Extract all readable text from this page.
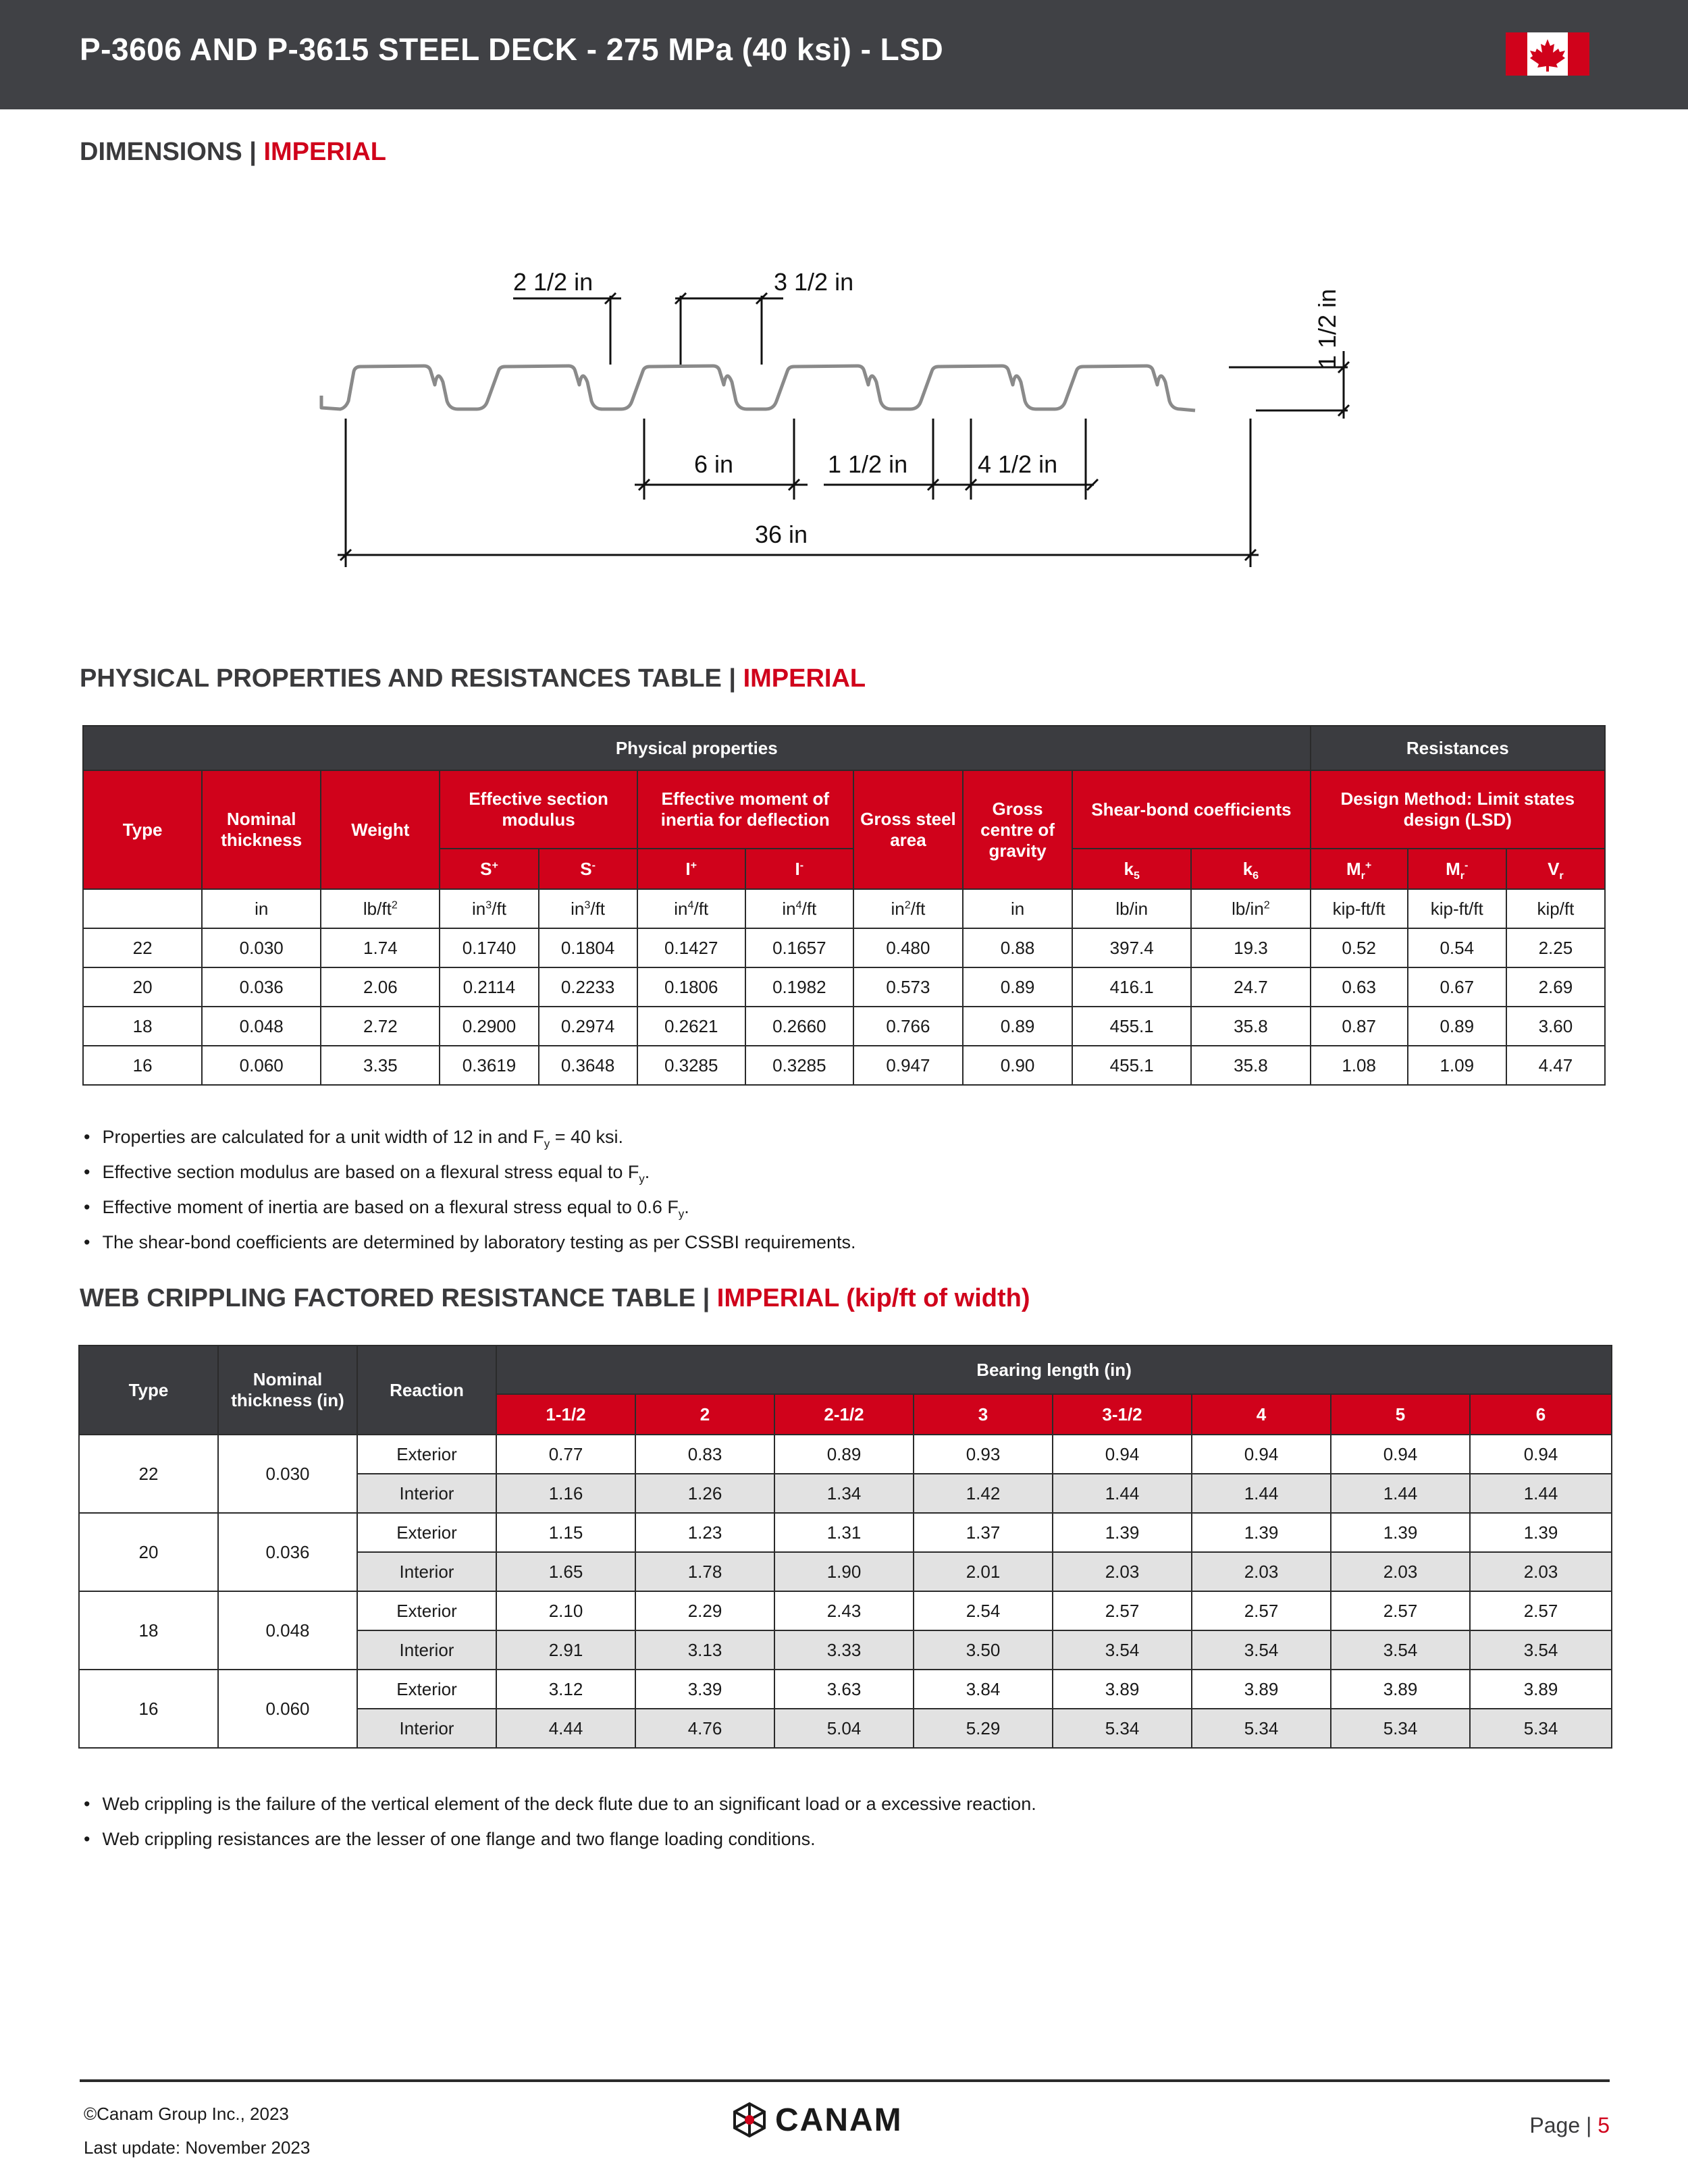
P-3606 AND P-3615 STEEL DECK - 275 MPa (40 ksi) - LSD
DIMENSIONS | IMPERIAL
2 1/2 in	3 1/2 in
1 1/2 in
6 in	1 1/2 in	4 1/2 in
36 in
PHYSICAL PROPERTIES AND RESISTANCES TABLE | IMPERIAL
Physical properties											Resistances		
Type	Nominal thickness	Weight	Effective section modulus		Effective moment of inertia for deflection		Gross steel area	Gross centre of gravity	Shear-bond coefficients		Design Method: Limit states design (LSD)		
			S+	S-	I+	I-			$k_5$	$k_6$	$M_r^+$	$M_r^-$	$V_r$
	in	$lb/ft^2$	$in^3/ft$	$in^3/ft$	$in^4/ft$	$in^4/ft$	$in^2/ft$	in	lb/in	$lb/in^2$	kip-ft/ft	kip-ft/ft	kip/ft
22	0.030	1.74	0.1740	0.1804	0.1427	0.1657	0.480	0.88	397.4	19.3	0.52	0.54	2.25
20	0.036	2.06	0.2114	0.2233	0.1806	0.1982	0.573	0.89	416.1	24.7	0.63	0.67	2.69
18	0.048	2.72	0.2900	0.2974	0.2621	0.2660	0.766	0.89	455.1	35.8	0.87	0.89	3.60
16	0.060	3.35	0.3619	0.3648	0.3285	0.3285	0.947	0.90	455.1	35.8	1.08	1.09	4.47
• Properties are calculated for a unit width of 12 in and $F_y = 40$ ksi.
• Effective section modulus are based on a flexural stress equal to $F_y$.
• Effective moment of inertia are based on a flexural stress equal to 0.6 $F_y$.
• The shear-bond coefficients are determined by laboratory testing as per CSSBI requirements.
WEB CRIPPLING FACTORED RESISTANCE TABLE | IMPERIAL (kip/ft of width)
Type	Nominal thickness (in)	Reaction	Bearing length (in)							
			1-1/2	2	2-1/2	3	3-1/2	4	5	6
22	0.030	Exterior	0.77	0.83	0.89	0.93	0.94	0.94	0.94	0.94
		Interior	1.16	1.26	1.34	1.42	1.44	1.44	1.44	1.44
20	0.036	Exterior	1.15	1.23	1.31	1.37	1.39	1.39	1.39	1.39
		Interior	1.65	1.78	1.90	2.01	2.03	2.03	2.03	2.03
18	0.048	Exterior	2.10	2.29	2.43	2.54	2.57	2.57	2.57	2.57
		Interior	2.91	3.13	3.33	3.50	3.54	3.54	3.54	3.54
16	0.060	Exterior	3.12	3.39	3.63	3.84	3.89	3.89	3.89	3.89
		Interior	4.44	4.76	5.04	5.29	5.34	5.34	5.34	5.34
• Web crippling is the failure of the vertical element of the deck flute due to an significant load or a excessive reaction.
• Web crippling resistances are the lesser of one flange and two flange loading conditions.
©Canam Group Inc., 2023
Last update: November 2023
CANAM	Page | 5
